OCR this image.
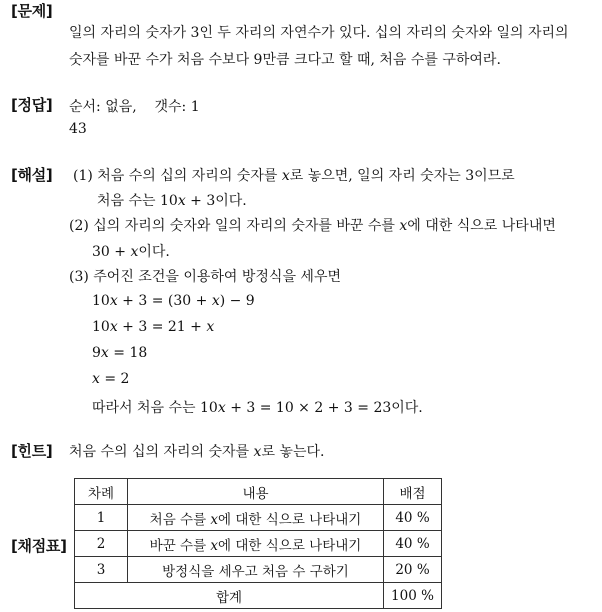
[문제]
일의 자리의 숫자가 3인 두 자리의 자연수가 있다. 십의 자리의 숫자와 일의 자리의
숫자를 바꾼 수가 처음 수보다 9만큼 크다고 할 때, 처음 수를 구하여라.
[정답] 순서: 없음,    갯수: 1
43
[해설] (1) 처음 수의 십의 자리의 숫자를 x로 놓으면, 일의 자리 숫자는 3이므로
처음 수는 10x + 3이다.
(2) 십의 자리의 숫자와 일의 자리의 숫자를 바꾼 수를 x에 대한 식으로 나타내면
30 + x이다.
(3) 주어진 조건을 이용하여 방정식을 세우면
10x + 3 = (30 + x) − 9
10x + 3 = 21 + x
9x = 18
x = 2
따라서 처음 수는 10x + 3 = 10 × 2 + 3 = 23이다.
[힌트] 처음 수의 십의 자리의 숫자를 x로 놓는다.
[채점표]
차례	내용	배점
1	처음 수를 x에 대한 식으로 나타내기	40 %
2	바꾼 수를 x에 대한 식으로 나타내기	40 %
3	방정식을 세우고 처음 수 구하기	20 %
합계		100 %
